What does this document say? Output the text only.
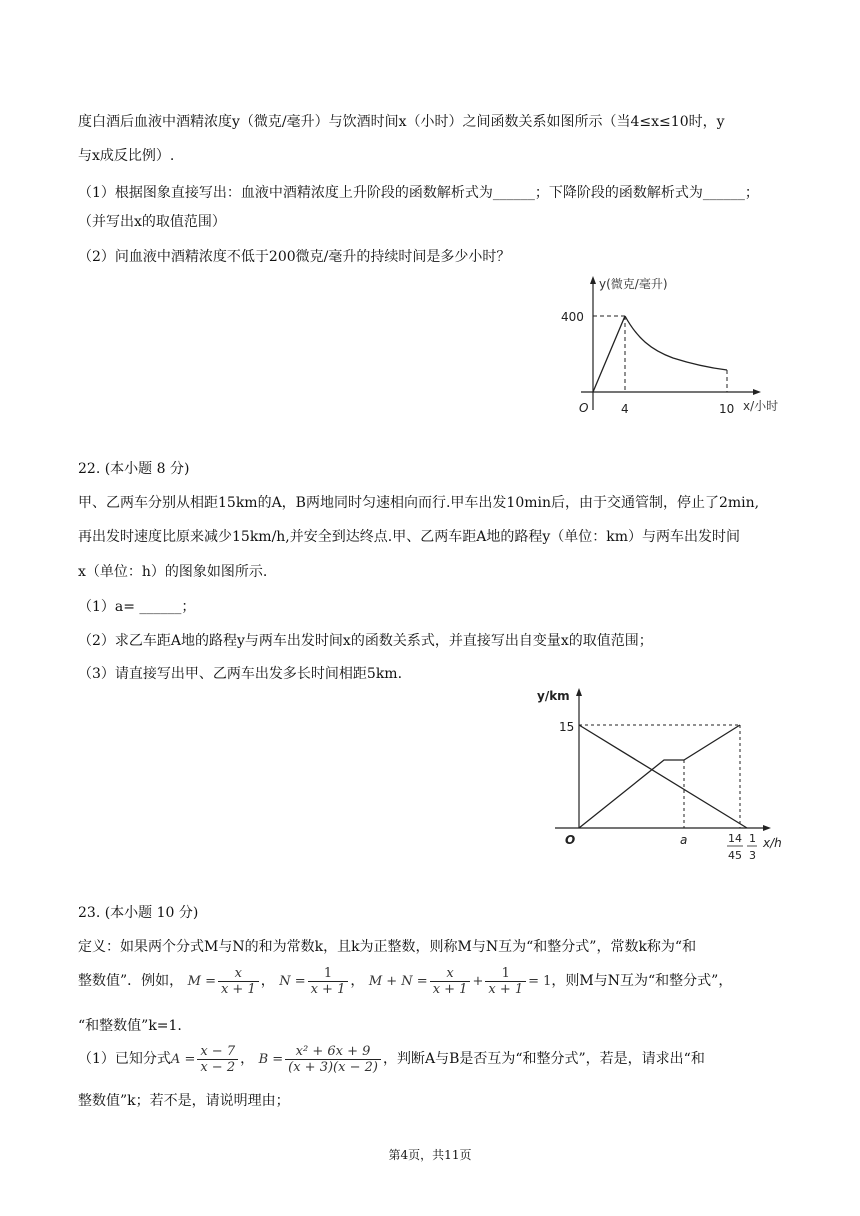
度白酒后血液中酒精浓度y（微克/毫升）与饮酒时间x（小时）之间函数关系如图所示（当4≤x≤10时，y
与x成反比例）.
（1）根据图象直接写出：血液中酒精浓度上升阶段的函数解析式为______；下降阶段的函数解析式为______；
（并写出x的取值范围）
（2）问血液中酒精浓度不低于200微克/毫升的持续时间是多少小时？
y(微克/毫升)
x/小时
O
400
4	10
22. (本小题 8 分)
甲、乙两车分别从相距15km的A，B两地同时匀速相向而行.甲车出发10min后，由于交通管制，停止了2min,
再出发时速度比原来减少15km/h,并安全到达终点.甲、乙两车距A地的路程y（单位：km）与两车出发时间
x（单位：h）的图象如图所示.
（1）a= ______；
（2）求乙车距A地的路程y与两车出发时间x的函数关系式，并直接写出自变量x的取值范围；
（3）请直接写出甲、乙两车出发多长时间相距5km.
y/km
x/h
O
15
a	14
45
1
3
23. (本小题 10 分)
定义：如果两个分式M与N的和为常数k，且k为正整数，则称M与N互为“和整分式”，常数k称为“和
整数值”．例如， $M = \frac{x}{x + 1}$ ， $N = \frac{1}{x + 1}$ ， $M + N = \frac{x}{x + 1} + \frac{1}{x + 1} = 1$，则M与N互为“和整分式”，
“和整数值”k=1.
（1）已知分式$A = \frac{x - 7}{x - 2}$ ， $B = \frac{\text{x² + 6x + 9}}{(x + 3)(x - 2)}$ ，判断A与B是否互为“和整分式”，若是，请求出“和
整数值”k；若不是，请说明理由；
第4页，共11页
